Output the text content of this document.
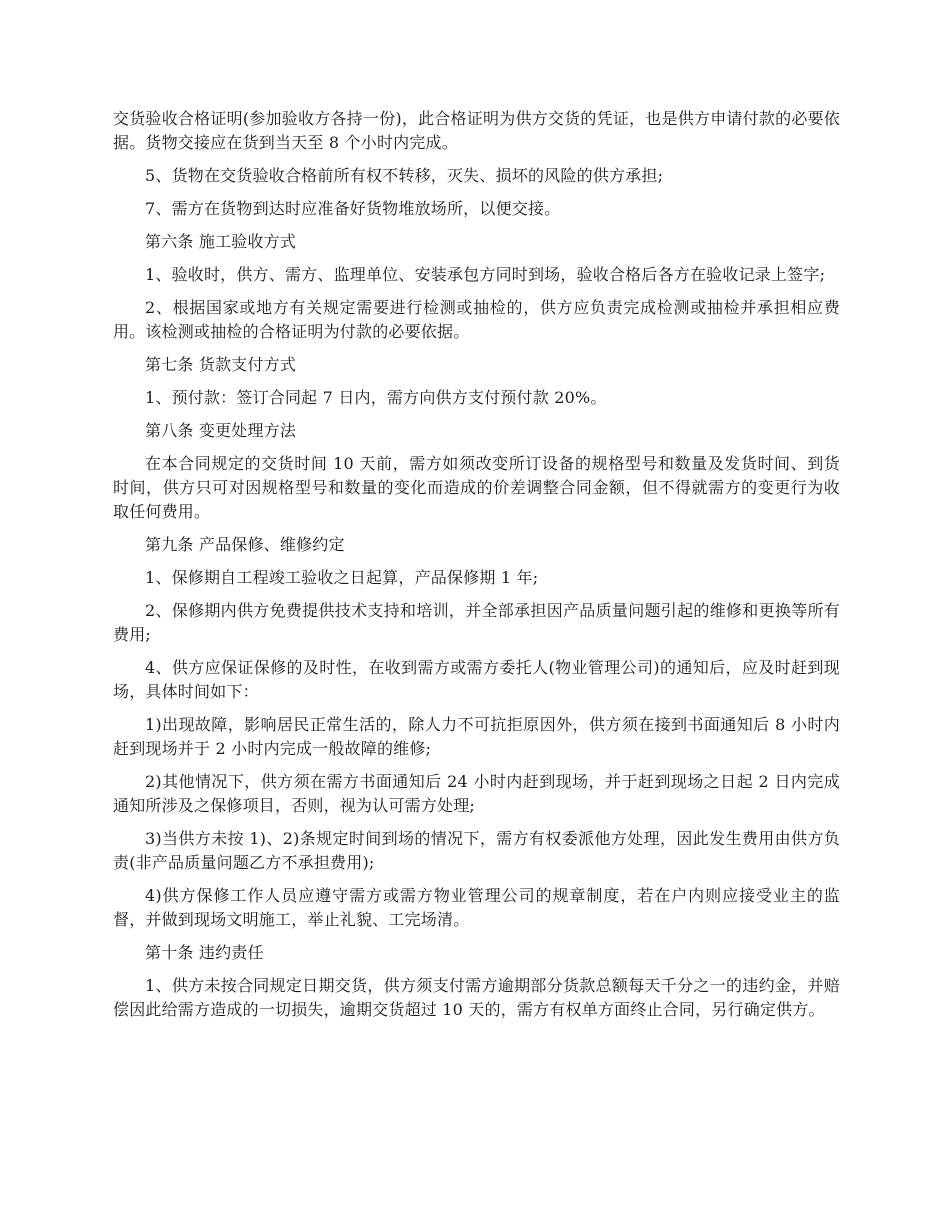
交货验收合格证明(参加验收方各持一份)，此合格证明为供方交货的凭证，也是供方申请付款的必要依据。货物交接应在货到当天至 8 个小时内完成。

5、货物在交货验收合格前所有权不转移，灭失、损坏的风险的供方承担;

7、需方在货物到达时应准备好货物堆放场所，以便交接。

第六条 施工验收方式

1、验收时，供方、需方、监理单位、安装承包方同时到场，验收合格后各方在验收记录上签字;

2、根据国家或地方有关规定需要进行检测或抽检的，供方应负责完成检测或抽检并承担相应费用。该检测或抽检的合格证明为付款的必要依据。

第七条 货款支付方式

1、预付款：签订合同起 7 日内，需方向供方支付预付款 20%。

第八条 变更处理方法

在本合同规定的交货时间 10 天前，需方如须改变所订设备的规格型号和数量及发货时间、到货时间，供方只可对因规格型号和数量的变化而造成的价差调整合同金额，但不得就需方的变更行为收取任何费用。

第九条 产品保修、维修约定

1、保修期自工程竣工验收之日起算，产品保修期 1 年;

2、保修期内供方免费提供技术支持和培训，并全部承担因产品质量问题引起的维修和更换等所有费用;

4、供方应保证保修的及时性，在收到需方或需方委托人(物业管理公司)的通知后，应及时赶到现场，具体时间如下：

1)出现故障，影响居民正常生活的，除人力不可抗拒原因外，供方须在接到书面通知后 8 小时内赶到现场并于 2 小时内完成一般故障的维修;

2)其他情况下，供方须在需方书面通知后 24 小时内赶到现场，并于赶到现场之日起 2 日内完成通知所涉及之保修项目，否则，视为认可需方处理;

3)当供方未按 1)、2)条规定时间到场的情况下，需方有权委派他方处理，因此发生费用由供方负责(非产品质量问题乙方不承担费用);

4)供方保修工作人员应遵守需方或需方物业管理公司的规章制度，若在户内则应接受业主的监督，并做到现场文明施工，举止礼貌、工完场清。

第十条 违约责任

1、供方未按合同规定日期交货，供方须支付需方逾期部分货款总额每天千分之一的违约金，并赔偿因此给需方造成的一切损失，逾期交货超过 10 天的，需方有权单方面终止合同，另行确定供方。
